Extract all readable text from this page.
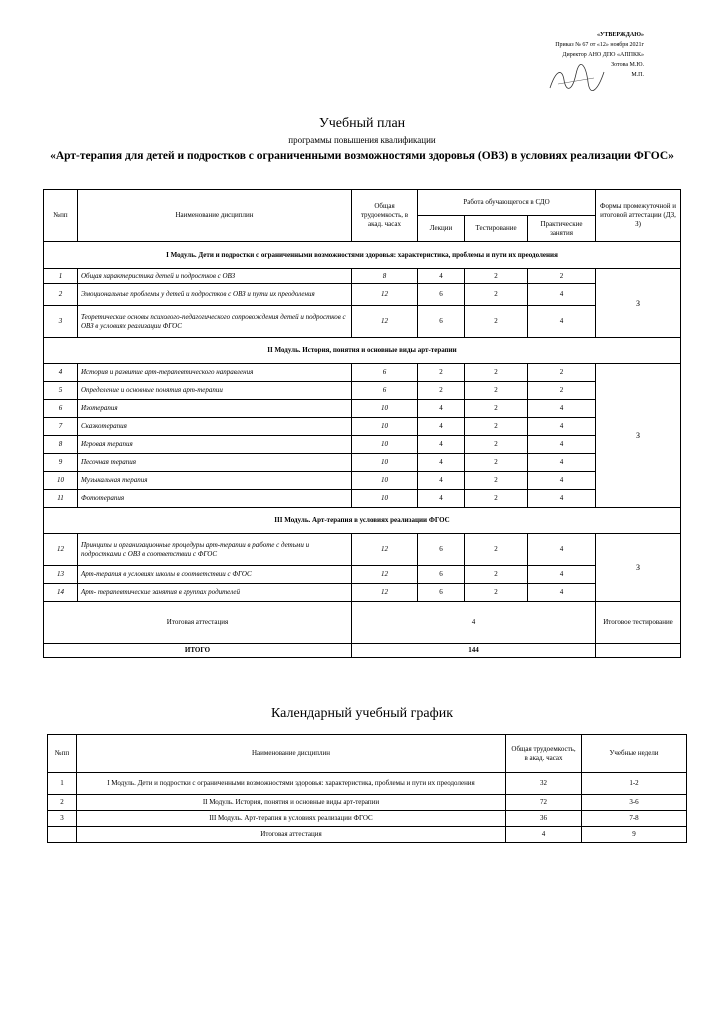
«УТВЕРЖДАЮ»
Приказ № 67 от «12» ноября 2021г
Директор АНО ДПО «АППКК»
Зотова М.Ю.
М.П.
Учебный план
программы повышения квалификации
«Арт-терапия для детей и подростков с ограниченными возможностями здоровья (ОВЗ) в условиях реализации ФГОС»
№пп	Наименование дисциплин	Общая трудоемкость, в акад. часах	Работа обучающегося в СДО			Формы промежуточной и итоговой аттестации (ДЗ, З)
			Лекции	Тестирование	Практические занятия	
I Модуль. Дети и подростки с ограниченными возможностями здоровья: характеристика, проблемы и пути их преодоления						
1	Общая характеристика детей и подростков с ОВЗ	8	4	2	2	З
2	Эмоциональные проблемы у детей и подростков с ОВЗ и пути их преодоления	12	6	2	4	
3	Теоретические основы психолого-педагогического сопровождения детей и подростков с ОВЗ в условиях реализации ФГОС	12	6	2	4	
II Модуль. История, понятия и основные виды арт-терапии						
4	История и развитие арт-терапевтического направления	6	2	2	2	З
5	Определение и основные понятия арт-терапии	6	2	2	2	
6	Изотерапия	10	4	2	4	
7	Сказкотерапия	10	4	2	4	
8	Игровая терапия	10	4	2	4	
9	Песочная терапия	10	4	2	4	
10	Музыкальная терапия	10	4	2	4	
11	Фототерапия	10	4	2	4	
III Модуль. Арт-терапия в условиях реализации ФГОС						
12	Принципы и организационные процедуры арт-терапии в работе с детьми и подростками с ОВЗ в соответствии с ФГОС	12	6	2	4	З
13	Арт-терапия в условиях школы в соответствии с ФГОС	12	6	2	4	
14	Арт- терапевтические занятия в группах родителей	12	6	2	4	
Итоговая аттестация		4				Итоговое тестирование
ИТОГО		144				
Календарный учебный график
№пп	Наименование дисциплин	Общая трудоемкость, в акад. часах	Учебные недели
1	I Модуль. Дети и подростки с ограниченными возможностями здоровья: характеристика, проблемы и пути их преодоления	32	1-2
2	II Модуль. История, понятия и основные виды арт-терапии	72	3-6
3	III Модуль. Арт-терапия в условиях реализации ФГОС	36	7-8
	Итоговая аттестация	4	9
